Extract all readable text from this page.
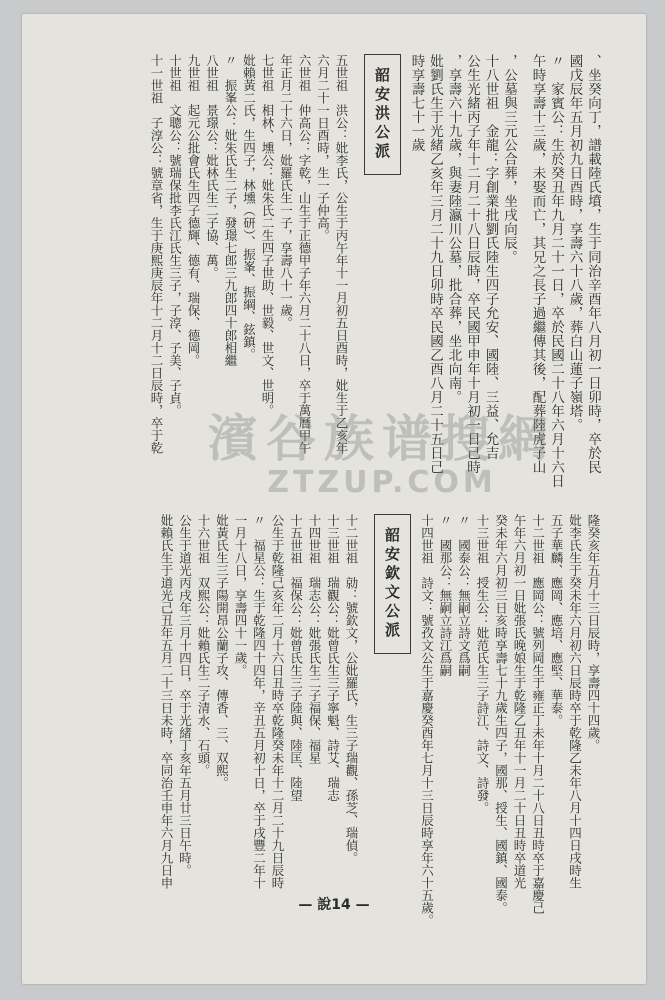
、坐癸向丁，譜載陸氏墳，生于同治辛酉年八月初一日卯時，卒於民
國戊辰年五月初九日酉時，享壽六十八歲，葬白山蓮子嶺塔。
〃　家賓公：生於癸丑年九月二十一日，卒於民國二十八年六月十六日
午時享壽十三歲，未娶而亡，其兄之長子過繼傳其後，配葬陸虎子山
，公墓與三元公合葬，坐戌向辰。
十八世祖　金龍：字創業批劉氏陸生四子允安、國陸、三益、允吉
公生光緒丙子年十二月二十八日辰時，卒民國甲申年十月初一日己時
，享壽六十九歲，與妻陸瀛川公墓，批合葬，坐北向南。
妣劉氏生于光緒乙亥年三月二十九日卯時卒民國乙酉八月二十五日己
時享壽七十一歲
韶安洪公派
五世祖　洪公：妣李氏，公生于丙午年十一月初五日酉時，妣生于乙亥年
六月二十一日酉時，生一子仲高。
六世祖　仲高公：字乾，山生于正德甲子年六月二十八日，卒于萬曆甲午
年正月二十六日，妣羅氏生一子，享壽八十一歲。
七世祖　相林、壎公：妣朱氏二生四子世助、世毅、世文、世明。
妣賴黃二氏，生四子，林壎（研）、振峯、振綱、鉉鎮。
〃　振峯公：妣朱氏生二子，發璟七郎三九郎四十郎相繼
八世祖　景璟公：妣林氏生二子協、萬。
九世祖　起元公批會氏生四子德輝、德有、瑞保、德岡。
十世祖　文聰公：號瑞保批李氏江氏生三子，子淳、子美、子貞。
十一世祖　子淳公：號章省，生于庚熙庚辰年十二月十二日辰時，卒于乾
隆癸亥年五月十三日辰時，享壽四十四歲。
妣李氏生于癸未年六月初六日辰時卒于乾隆乙未年八月十四日戌時生
五子華麟、應岡、應培、應堅、華泰。
十二世祖　應岡公：號列岡生于雍正丁未年十月二十八日丑時卒于嘉慶己
午年六月初一日妣張氏晚娘生于乾隆乙丑年十一月二十日丑時卒道光
癸未年六月初三日亥時享壽七十九歲生四子，國那、授生、國鎮、國泰。
十三世祖　授生公：妣范氏生三子詩江、詩文、詩發。
〃　國泰公：無嗣立詩文爲嗣
〃　國那公：無嗣立詩江爲嗣
十四世祖　詩文：號孜文公生于嘉慶癸酉年七月十三日辰時享年六十五歲。
韶安欽文公派
十二世祖　勍：號欽文，公妣羅氏，生三子瑞觀、孫芝、瑞偵。
十三世祖　瑞觀公：妣曾氏生三子寧魁、詩艾、瑞志
十四世祖　瑞志公：妣張氏生二子福保、福星
十五世祖　福保公：妣曾氏生三子陸與、陸匡、陸望
公生于乾隆己亥年二月十六日丑時卒乾隆癸未年十二月二十九日辰時
〃　福星公：生于乾隆四十四年，辛丑五月初十日，卒于戌豐二年十
一月十八日，享壽四十一歲。
妣黃氏生三子陽開昂公蘭子攻、傳香、三、双熙。
十六世祖　双熙公：妣賴氏生二子清水、石頭。
公生于道光丙戌年三月十四日，卒于光緒丁亥年五月廿三日午時。
妣賴氏生于道光己丑年五月二十三日未時，卒同治壬申年六月九日申
— 說14 —
濱谷族谱搜網
ZTZUP.COM
